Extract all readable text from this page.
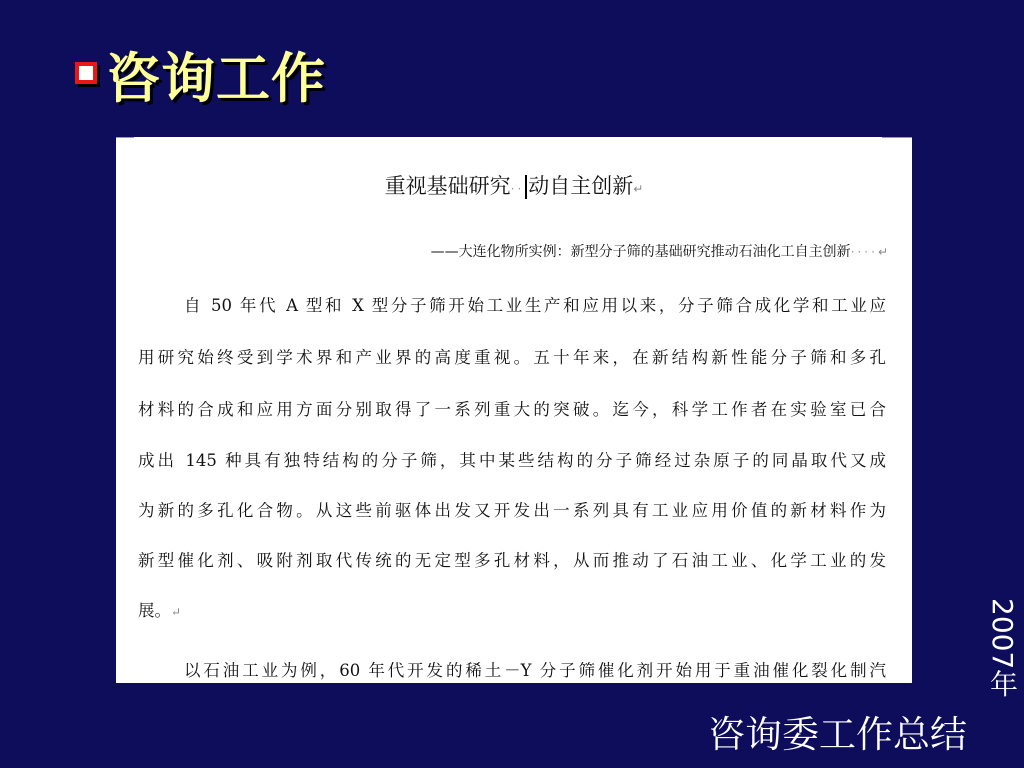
咨询工作
重视基础研究·· 动自主创新↵
——大连化物所实例：新型分子筛的基础研究推动石油化工自主创新····↵
自 50 年代 A 型和 X 型分子筛开始工业生产和应用以来，分子筛合成化学和工业应
用研究始终受到学术界和产业界的高度重视。五十年来，在新结构新性能分子筛和多孔
材料的合成和应用方面分别取得了一系列重大的突破。迄今，科学工作者在实验室已合
成出 145 种具有独特结构的分子筛，其中某些结构的分子筛经过杂原子的同晶取代又成
为新的多孔化合物。从这些前驱体出发又开发出一系列具有工业应用价值的新材料作为
新型催化剂、吸附剂取代传统的无定型多孔材料，从而推动了石油工业、化学工业的发
展。↵
以石油工业为例，60 年代开发的稀土－Y 分子筛催化剂开始用于重油催化裂化制汽	2007年
咨询委工作总结
